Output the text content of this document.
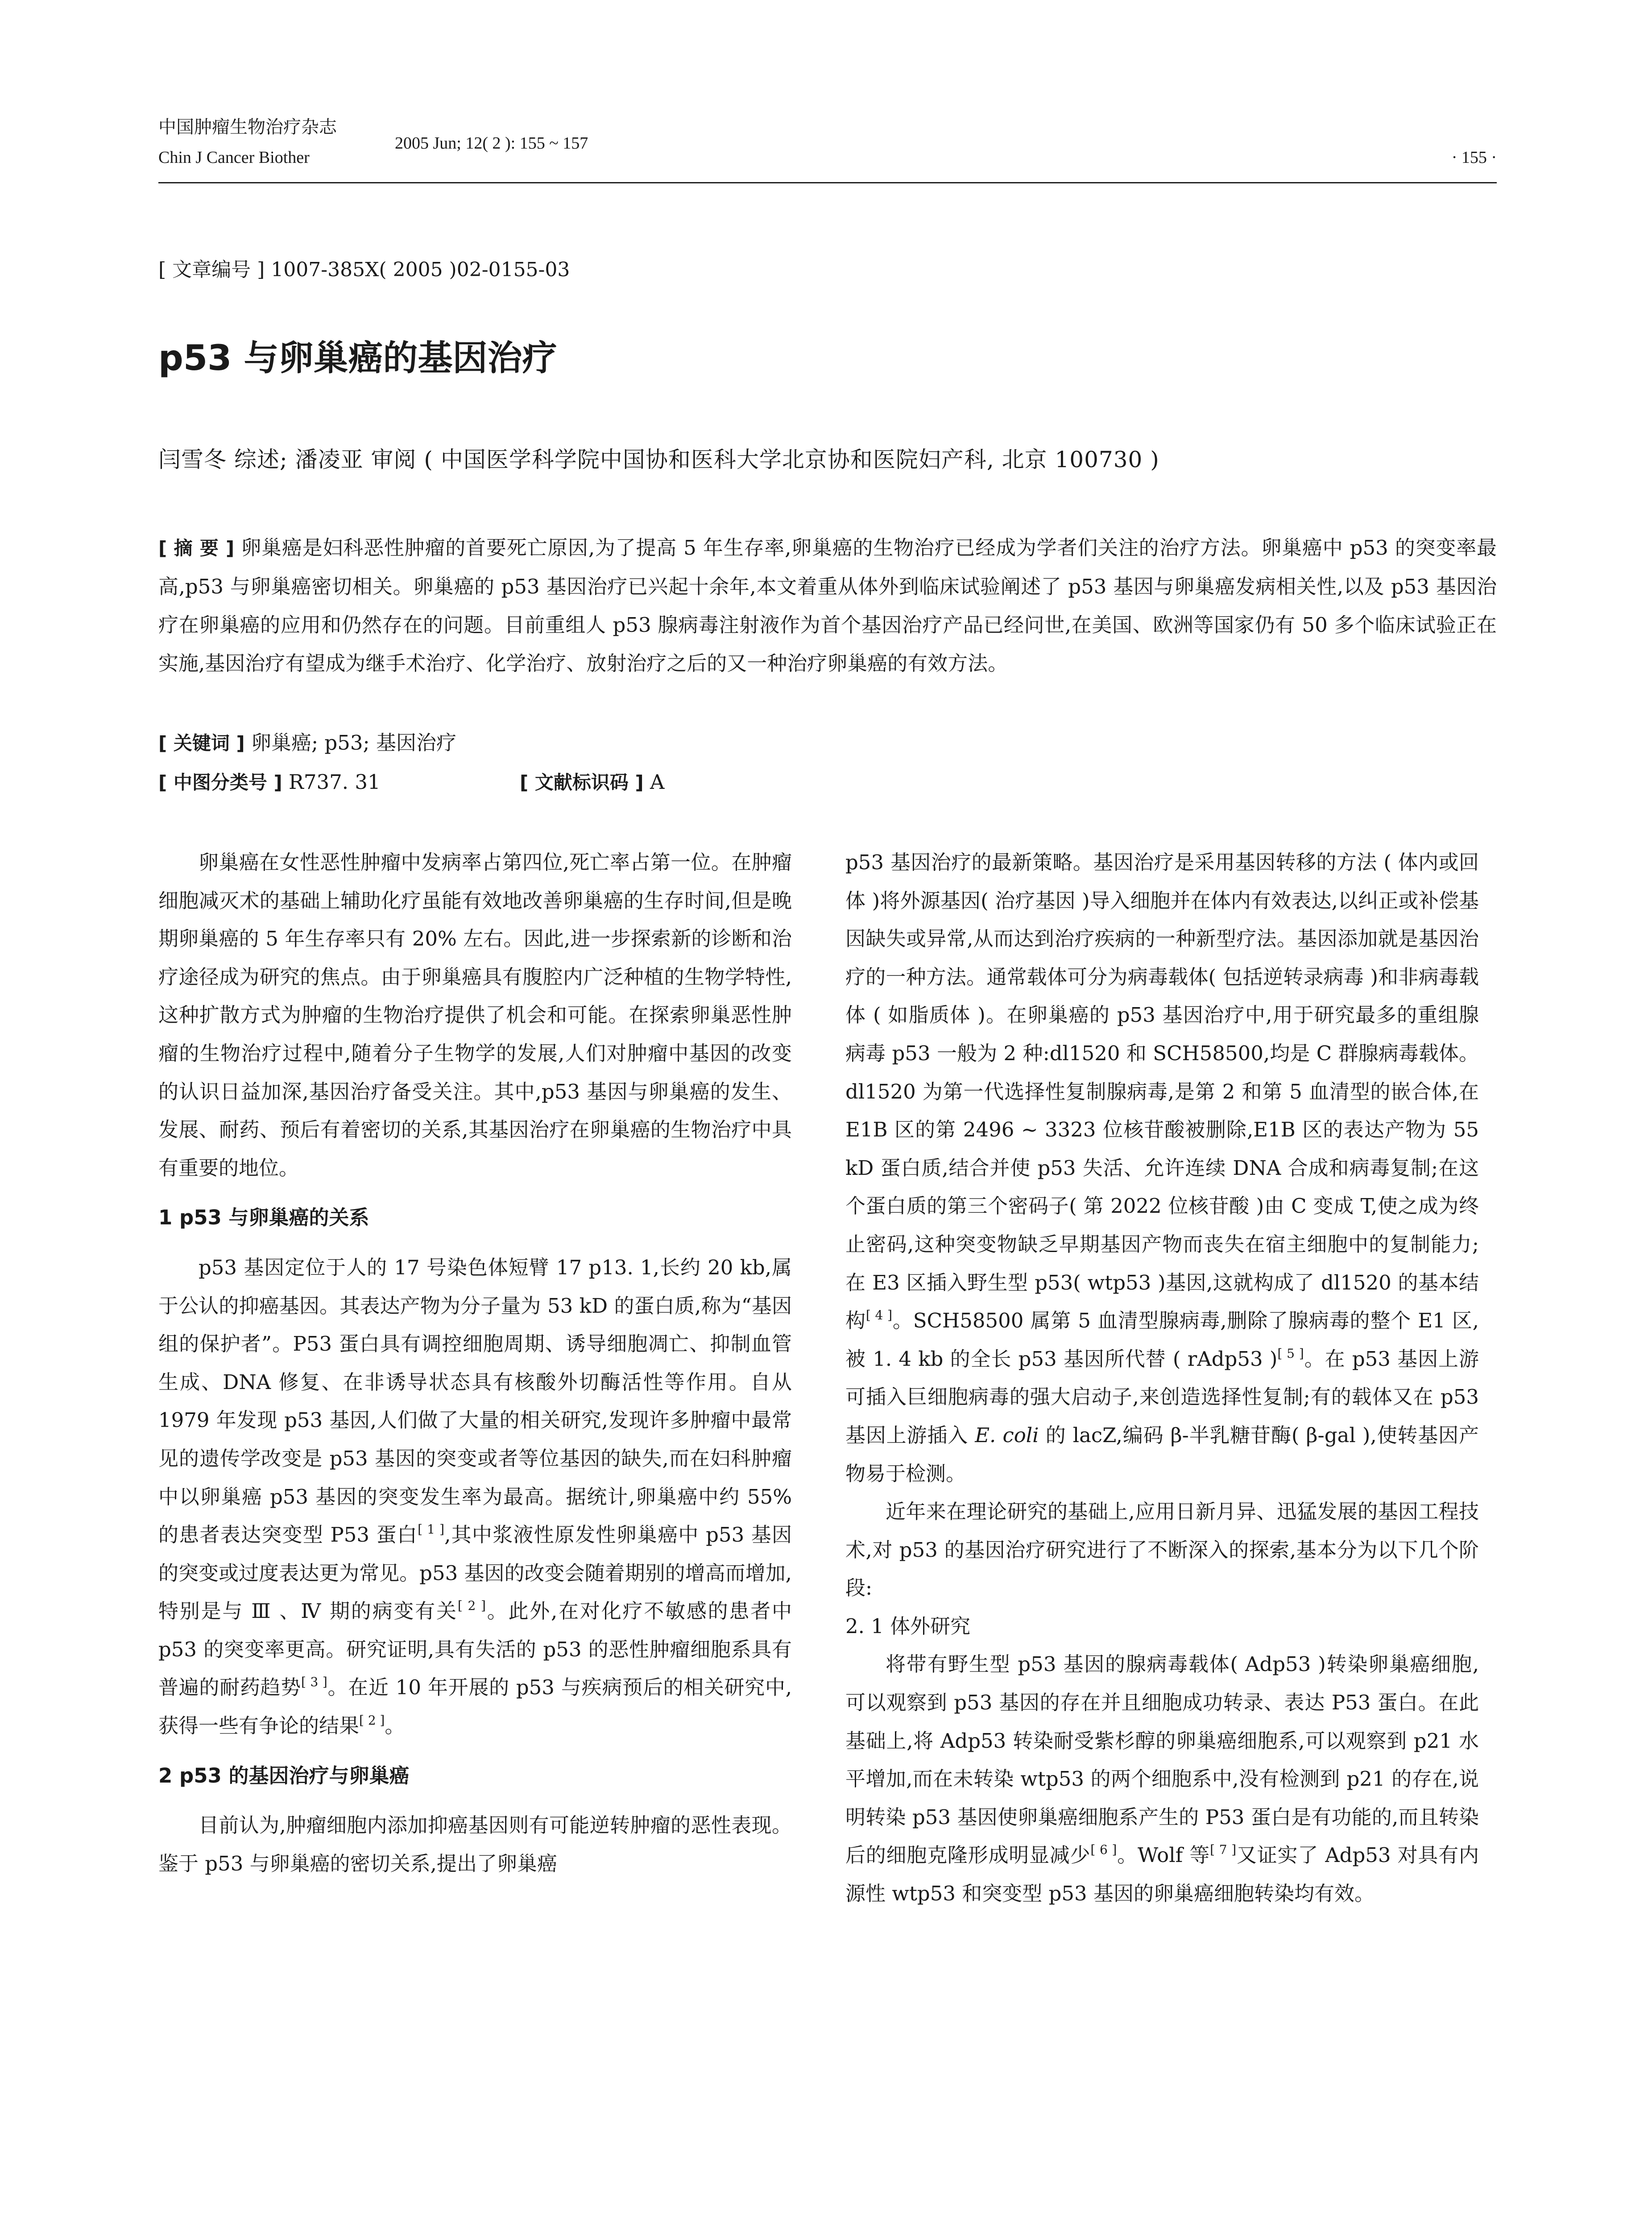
中国肿瘤生物治疗杂志
Chin J Cancer Biother
2005 Jun; 12( 2 ): 155 ~ 157
· 155 ·
[ 文章编号 ] 1007-385X( 2005 )02-0155-03
p53 与卵巢癌的基因治疗
闫雪冬 综述; 潘凌亚 审阅 ( 中国医学科学院中国协和医科大学北京协和医院妇产科, 北京 100730 )

[ 摘 要 ] 卵巢癌是妇科恶性肿瘤的首要死亡原因,为了提高 5 年生存率,卵巢癌的生物治疗已经成为学者们关注的治疗方法。卵巢癌中 p53 的突变率最高,p53 与卵巢癌密切相关。卵巢癌的 p53 基因治疗已兴起十余年,本文着重从体外到临床试验阐述了 p53 基因与卵巢癌发病相关性,以及 p53 基因治疗在卵巢癌的应用和仍然存在的问题。目前重组人 p53 腺病毒注射液作为首个基因治疗产品已经问世,在美国、欧洲等国家仍有 50 多个临床试验正在实施,基因治疗有望成为继手术治疗、化学治疗、放射治疗之后的又一种治疗卵巢癌的有效方法。

[ 关键词 ] 卵巢癌; p53; 基因治疗
[ 中图分类号 ] R737. 31	[ 文献标识码 ] A

卵巢癌在女性恶性肿瘤中发病率占第四位,死亡率占第一位。在肿瘤细胞减灭术的基础上辅助化疗虽能有效地改善卵巢癌的生存时间,但是晚期卵巢癌的 5 年生存率只有 20% 左右。因此,进一步探索新的诊断和治疗途径成为研究的焦点。由于卵巢癌具有腹腔内广泛种植的生物学特性,这种扩散方式为肿瘤的生物治疗提供了机会和可能。在探索卵巢恶性肿瘤的生物治疗过程中,随着分子生物学的发展,人们对肿瘤中基因的改变的认识日益加深,基因治疗备受关注。其中,p53 基因与卵巢癌的发生、发展、耐药、预后有着密切的关系,其基因治疗在卵巢癌的生物治疗中具有重要的地位。

1 p53 与卵巢癌的关系

p53 基因定位于人的 17 号染色体短臂 17 p13. 1,长约 20 kb,属于公认的抑癌基因。其表达产物为分子量为 53 kD 的蛋白质,称为“基因组的保护者”。P53 蛋白具有调控细胞周期、诱导细胞凋亡、抑制血管生成、DNA 修复、在非诱导状态具有核酸外切酶活性等作用。自从 1979 年发现 p53 基因,人们做了大量的相关研究,发现许多肿瘤中最常见的遗传学改变是 p53 基因的突变或者等位基因的缺失,而在妇科肿瘤中以卵巢癌 p53 基因的突变发生率为最高。据统计,卵巢癌中约 55% 的患者表达突变型 P53 蛋白[ 1 ],其中浆液性原发性卵巢癌中 p53 基因的突变或过度表达更为常见。p53 基因的改变会随着期别的增高而增加,特别是与 Ⅲ 、Ⅳ 期的病变有关[ 2 ]。此外,在对化疗不敏感的患者中 p53 的突变率更高。研究证明,具有失活的 p53 的恶性肿瘤细胞系具有普遍的耐药趋势[ 3 ]。在近 10 年开展的 p53 与疾病预后的相关研究中,获得一些有争论的结果[ 2 ]。

2 p53 的基因治疗与卵巢癌

目前认为,肿瘤细胞内添加抑癌基因则有可能逆转肿瘤的恶性表现。鉴于 p53 与卵巢癌的密切关系,提出了卵巢癌

p53 基因治疗的最新策略。基因治疗是采用基因转移的方法 ( 体内或回体 )将外源基因( 治疗基因 )导入细胞并在体内有效表达,以纠正或补偿基因缺失或异常,从而达到治疗疾病的一种新型疗法。基因添加就是基因治疗的一种方法。通常载体可分为病毒载体( 包括逆转录病毒 )和非病毒载体 ( 如脂质体 )。在卵巢癌的 p53 基因治疗中,用于研究最多的重组腺病毒 p53 一般为 2 种:dl1520 和 SCH58500,均是 C 群腺病毒载体。dl1520 为第一代选择性复制腺病毒,是第 2 和第 5 血清型的嵌合体,在 E1B 区的第 2496 ~ 3323 位核苷酸被删除,E1B 区的表达产物为 55 kD 蛋白质,结合并使 p53 失活、允许连续 DNA 合成和病毒复制;在这个蛋白质的第三个密码子( 第 2022 位核苷酸 )由 C 变成 T,使之成为终止密码,这种突变物缺乏早期基因产物而丧失在宿主细胞中的复制能力;在 E3 区插入野生型 p53( wtp53 )基因,这就构成了 dl1520 的基本结构[ 4 ]。SCH58500 属第 5 血清型腺病毒,删除了腺病毒的整个 E1 区,被 1. 4 kb 的全长 p53 基因所代替 ( rAdp53 )[ 5 ]。在 p53 基因上游可插入巨细胞病毒的强大启动子,来创造选择性复制;有的载体又在 p53 基因上游插入 E. coli 的 lacZ,编码 β-半乳糖苷酶( β-gal ),使转基因产物易于检测。

近年来在理论研究的基础上,应用日新月异、迅猛发展的基因工程技术,对 p53 的基因治疗研究进行了不断深入的探索,基本分为以下几个阶段:

2. 1 体外研究

将带有野生型 p53 基因的腺病毒载体( Adp53 )转染卵巢癌细胞,可以观察到 p53 基因的存在并且细胞成功转录、表达 P53 蛋白。在此基础上,将 Adp53 转染耐受紫杉醇的卵巢癌细胞系,可以观察到 p21 水平增加,而在未转染 wtp53 的两个细胞系中,没有检测到 p21 的存在,说明转染 p53 基因使卵巢癌细胞系产生的 P53 蛋白是有功能的,而且转染后的细胞克隆形成明显减少[ 6 ]。Wolf 等[ 7 ]又证实了 Adp53 对具有内源性 wtp53 和突变型 p53 基因的卵巢癌细胞转染均有效。
